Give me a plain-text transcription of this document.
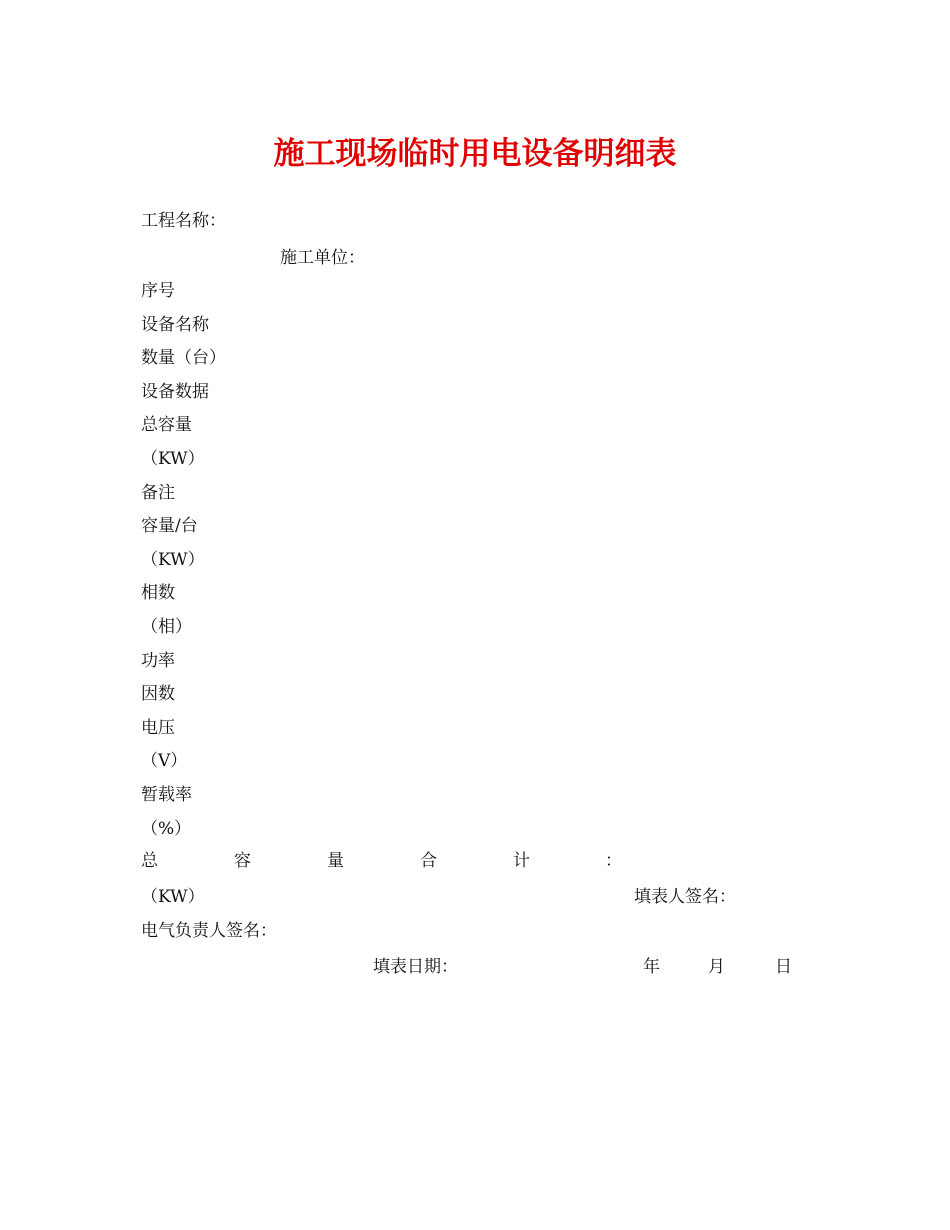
施工现场临时用电设备明细表
工程名称：
施工单位：
序号
设备名称
数量（台）
设备数据
总容量
（KW）
备注
容量/台
（KW）
相数
（相）
功率
因数
电压
（V）
暂载率
（%）
总	容	量	合	计	：
（KW）	填表人签名：
电气负责人签名：
填表日期：	年	月	日
